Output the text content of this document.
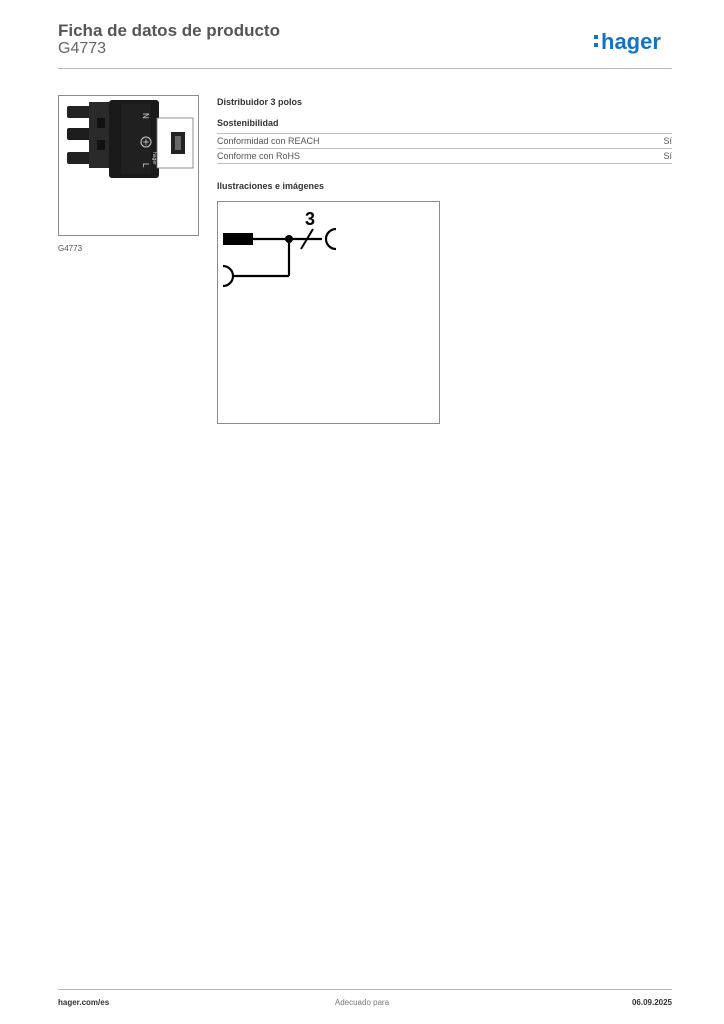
Ficha de datos de producto
G4773	hager
N
L
hager
G4773
Distribuidor 3 polos
Sostenibilidad
Conformidad con REACH	Sí
Conforme con RoHS	Sí
Ilustraciones e imágenes
3
hager.com/es	Adecuado para	06.09.2025
